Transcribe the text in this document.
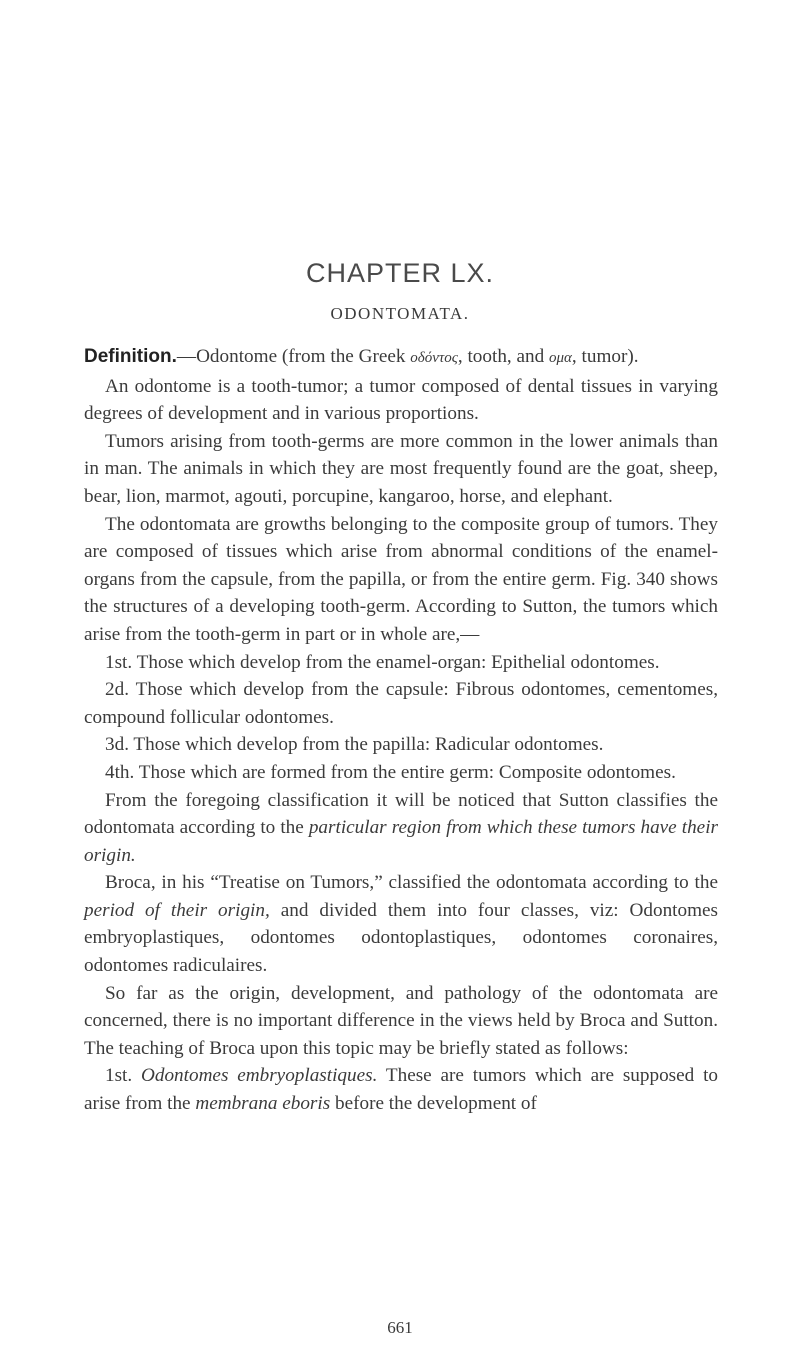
CHAPTER LX.
ODONTOMATA.

Definition.—Odontome (from the Greek οδόντος, tooth, and ομα, tumor).

An odontome is a tooth-tumor; a tumor composed of dental tissues in varying degrees of development and in various proportions.

Tumors arising from tooth-germs are more common in the lower animals than in man. The animals in which they are most frequently found are the goat, sheep, bear, lion, marmot, agouti, porcupine, kangaroo, horse, and elephant.

The odontomata are growths belonging to the composite group of tumors. They are composed of tissues which arise from abnormal conditions of the enamel-organs from the capsule, from the papilla, or from the entire germ. Fig. 340 shows the structures of a developing tooth-germ. According to Sutton, the tumors which arise from the tooth-germ in part or in whole are,—

1st. Those which develop from the enamel-organ: Epithelial odontomes.

2d. Those which develop from the capsule: Fibrous odontomes, cementomes, compound follicular odontomes.

3d. Those which develop from the papilla: Radicular odontomes.

4th. Those which are formed from the entire germ: Composite odontomes.

From the foregoing classification it will be noticed that Sutton classifies the odontomata according to the particular region from which these tumors have their origin.

Broca, in his “Treatise on Tumors,” classified the odontomata according to the period of their origin, and divided them into four classes, viz: Odontomes embryoplastiques, odontomes odontoplastiques, odontomes coronaires, odontomes radiculaires.

So far as the origin, development, and pathology of the odontomata are concerned, there is no important difference in the views held by Broca and Sutton. The teaching of Broca upon this topic may be briefly stated as follows:

1st. Odontomes embryoplastiques. These are tumors which are supposed to arise from the membrana eboris before the development of

661
